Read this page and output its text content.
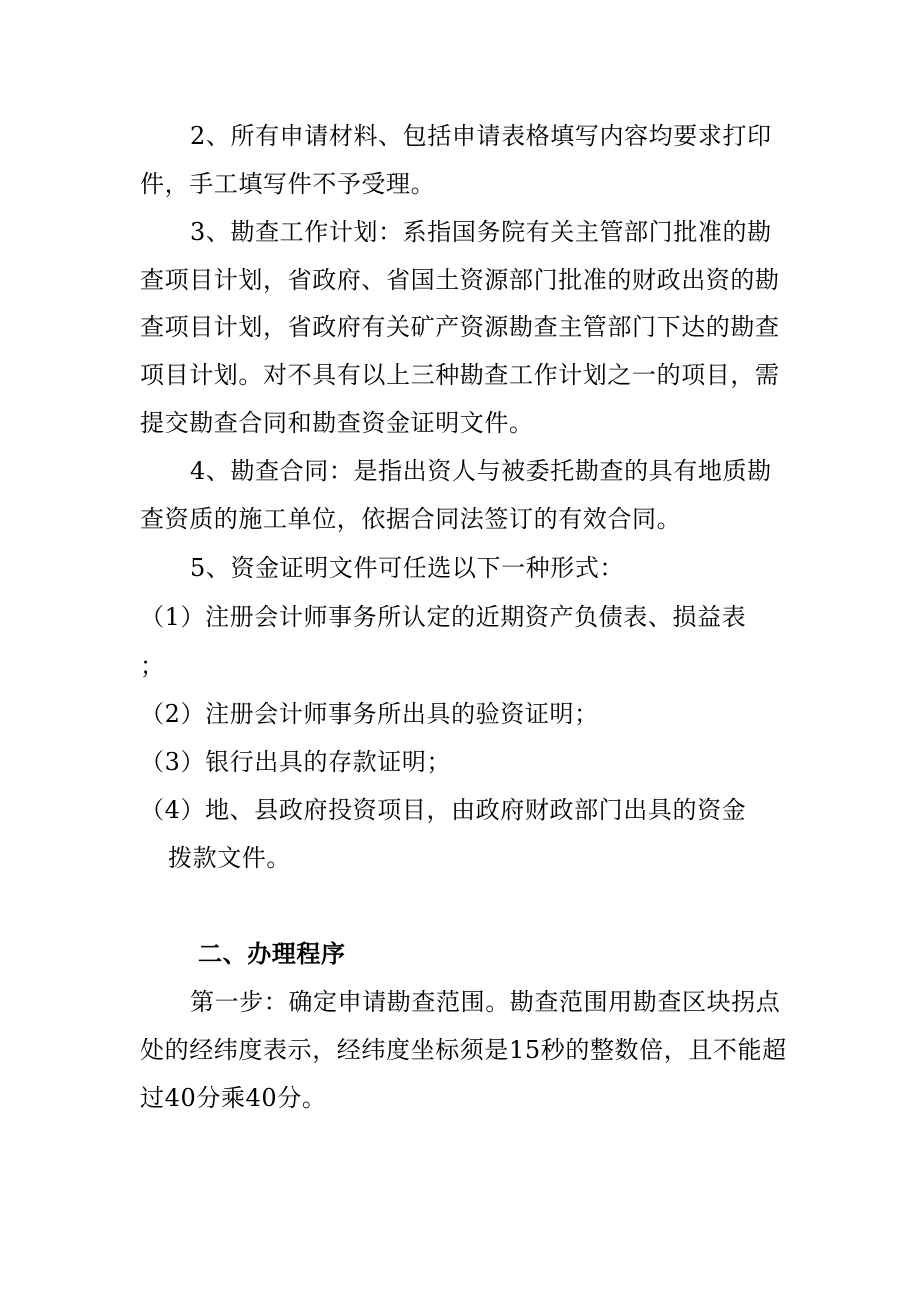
2、所有申请材料、包括申请表格填写内容均要求打印
件，手工填写件不予受理。
3、勘查工作计划：系指国务院有关主管部门批准的勘
查项目计划，省政府、省国土资源部门批准的财政出资的勘
查项目计划，省政府有关矿产资源勘查主管部门下达的勘查
项目计划。对不具有以上三种勘查工作计划之一的项目，需
提交勘查合同和勘查资金证明文件。
4、勘查合同：是指出资人与被委托勘查的具有地质勘
查资质的施工单位，依据合同法签订的有效合同。
5、资金证明文件可任选以下一种形式：
（1）注册会计师事务所认定的近期资产负债表、损益表
；
（2）注册会计师事务所出具的验资证明；
（3）银行出具的存款证明；
（4）地、县政府投资项目，由政府财政部门出具的资金
拨款文件。
二、办理程序
第一步：确定申请勘查范围。勘查范围用勘查区块拐点
处的经纬度表示，经纬度坐标须是15秒的整数倍，且不能超
过40分乘40分。
